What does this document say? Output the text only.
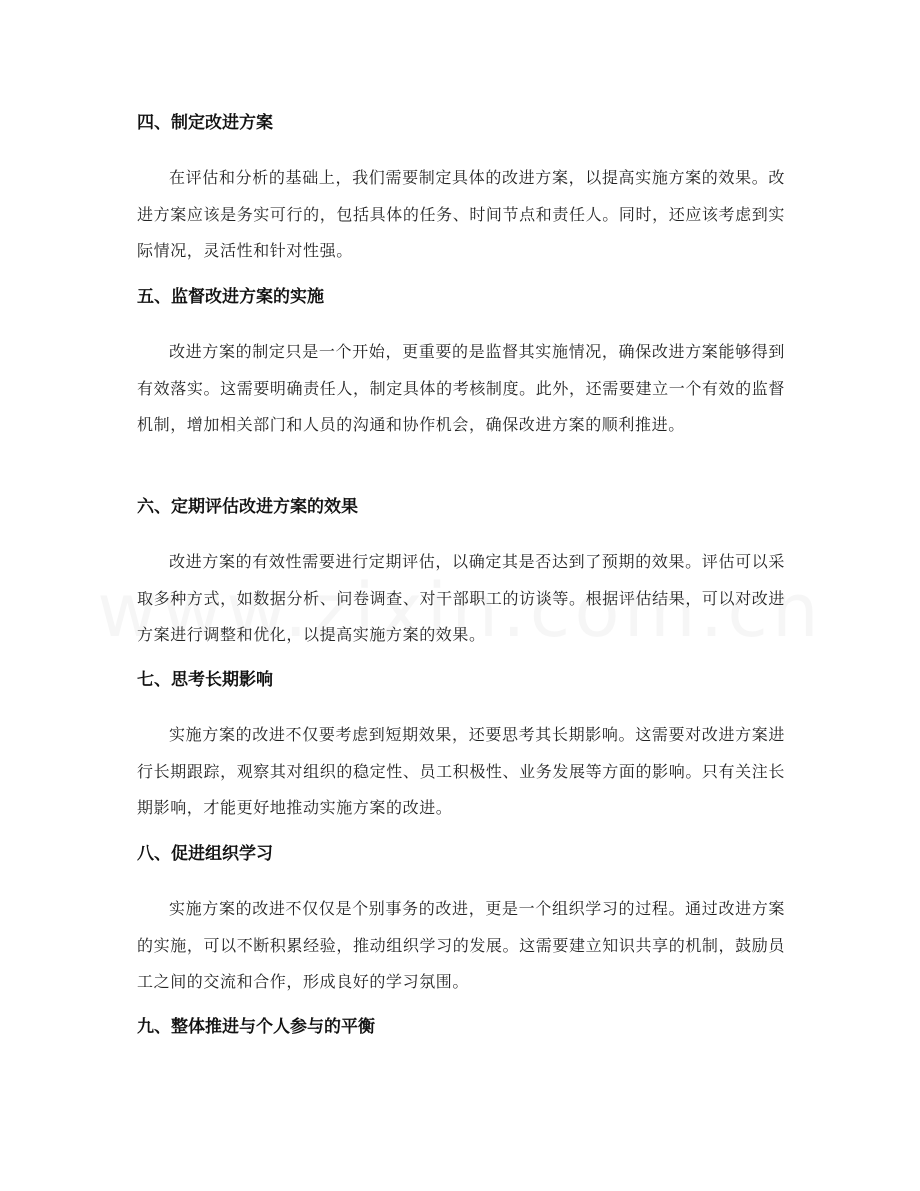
四、制定改进方案

在评估和分析的基础上，我们需要制定具体的改进方案，以提高实施方案的效果。改进方案应该是务实可行的，包括具体的任务、时间节点和责任人。同时，还应该考虑到实际情况，灵活性和针对性强。

五、监督改进方案的实施

改进方案的制定只是一个开始，更重要的是监督其实施情况，确保改进方案能够得到有效落实。这需要明确责任人，制定具体的考核制度。此外，还需要建立一个有效的监督机制，增加相关部门和人员的沟通和协作机会，确保改进方案的顺利推进。

六、定期评估改进方案的效果

改进方案的有效性需要进行定期评估，以确定其是否达到了预期的效果。评估可以采取多种方式，如数据分析、问卷调查、对干部职工的访谈等。根据评估结果，可以对改进方案进行调整和优化，以提高实施方案的效果。

七、思考长期影响

实施方案的改进不仅要考虑到短期效果，还要思考其长期影响。这需要对改进方案进行长期跟踪，观察其对组织的稳定性、员工积极性、业务发展等方面的影响。只有关注长期影响，才能更好地推动实施方案的改进。

八、促进组织学习

实施方案的改进不仅仅是个别事务的改进，更是一个组织学习的过程。通过改进方案的实施，可以不断积累经验，推动组织学习的发展。这需要建立知识共享的机制，鼓励员工之间的交流和合作，形成良好的学习氛围。

九、整体推进与个人参与的平衡
